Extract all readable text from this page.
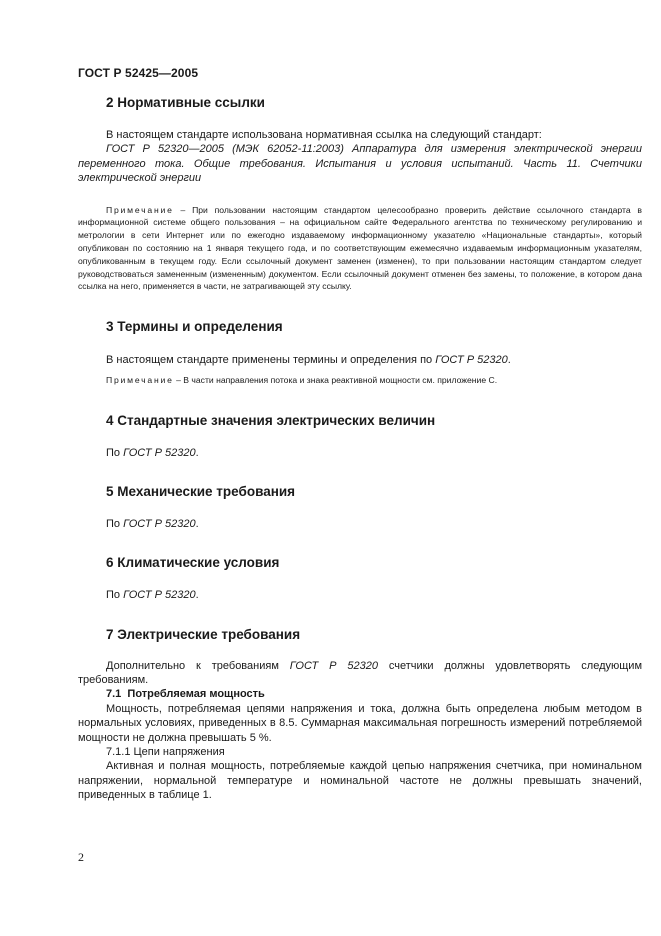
ГОСТ Р 52425—2005
2 Нормативные ссылки

В настоящем стандарте использована нормативная ссылка на следующий стандарт:

ГОСТ Р 52320—2005 (МЭК 62052-11:2003) Аппаратура для измерения электрической энергии переменного тока. Общие требования. Испытания и условия испытаний. Часть 11. Счетчики электрической энергии

Примечание – При пользовании настоящим стандартом целесообразно проверить действие ссылочного стандарта в информационной системе общего пользования – на официальном сайте Федерального агентства по техническому регулированию и метрологии в сети Интернет или по ежегодно издаваемому информационному указателю «Национальные стандарты», который опубликован по состоянию на 1 января текущего года, и по соответствующим ежемесячно издаваемым информационным указателям, опубликованным в текущем году. Если ссылочный документ заменен (изменен), то при пользовании настоящим стандартом следует руководствоваться замененным (измененным) документом. Если ссылочный документ отменен без замены, то положение, в котором дана ссылка на него, применяется в части, не затрагивающей эту ссылку.

3 Термины и определения

В настоящем стандарте применены термины и определения по ГОСТ Р 52320.

Примечание – В части направления потока и знака реактивной мощности см. приложение С.

4 Стандартные значения электрических величин

По ГОСТ Р 52320.

5 Механические требования

По ГОСТ Р 52320.

6 Климатические условия

По ГОСТ Р 52320.

7 Электрические требования

Дополнительно к требованиям ГОСТ Р 52320 счетчики должны удовлетворять следующим требованиям.

7.1 Потребляемая мощность

Мощность, потребляемая цепями напряжения и тока, должна быть определена любым методом в нормальных условиях, приведенных в 8.5. Суммарная максимальная погрешность измерений потребляемой мощности не должна превышать 5 %.

7.1.1 Цепи напряжения

Активная и полная мощность, потребляемые каждой цепью напряжения счетчика, при номинальном напряжении, нормальной температуре и номинальной частоте не должны превышать значений, приведенных в таблице 1.

2
